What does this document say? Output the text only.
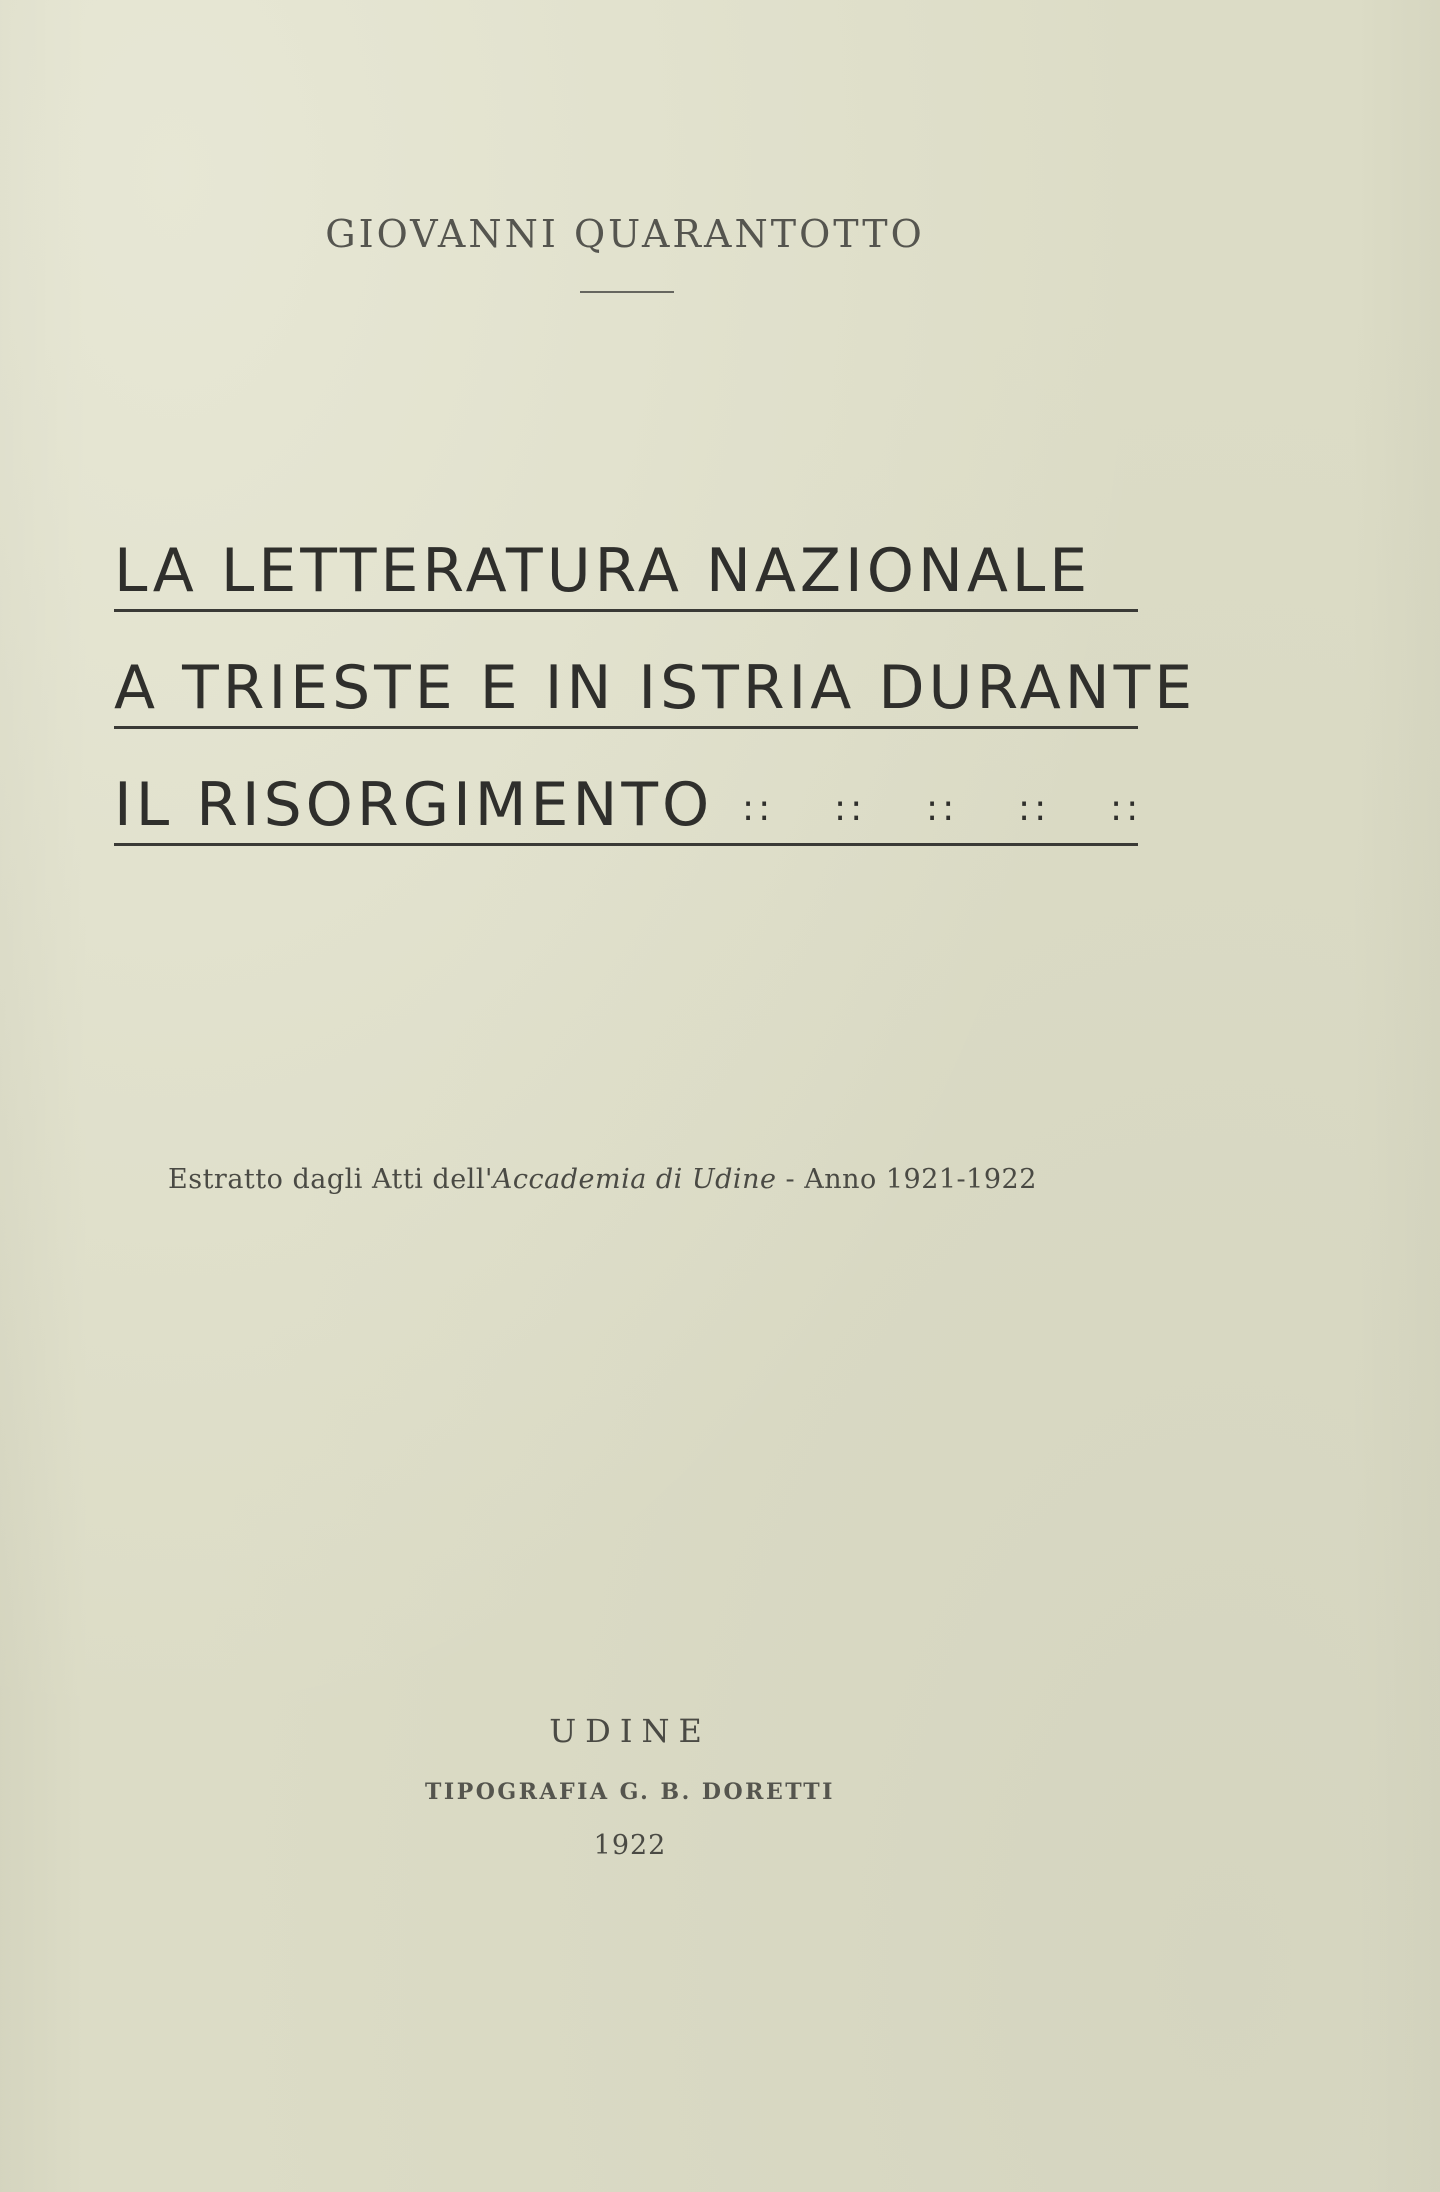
GIOVANNI QUARANTOTTO
LA LETTERATURA NAZIONALE
A TRIESTE E IN ISTRIA DURANTE
IL RISORGIMENTO :: :: :: :: ::
Estratto dagli Atti dell'Accademia di Udine - Anno 1921-1922
UDINE
TIPOGRAFIA G. B. DORETTI
1922
